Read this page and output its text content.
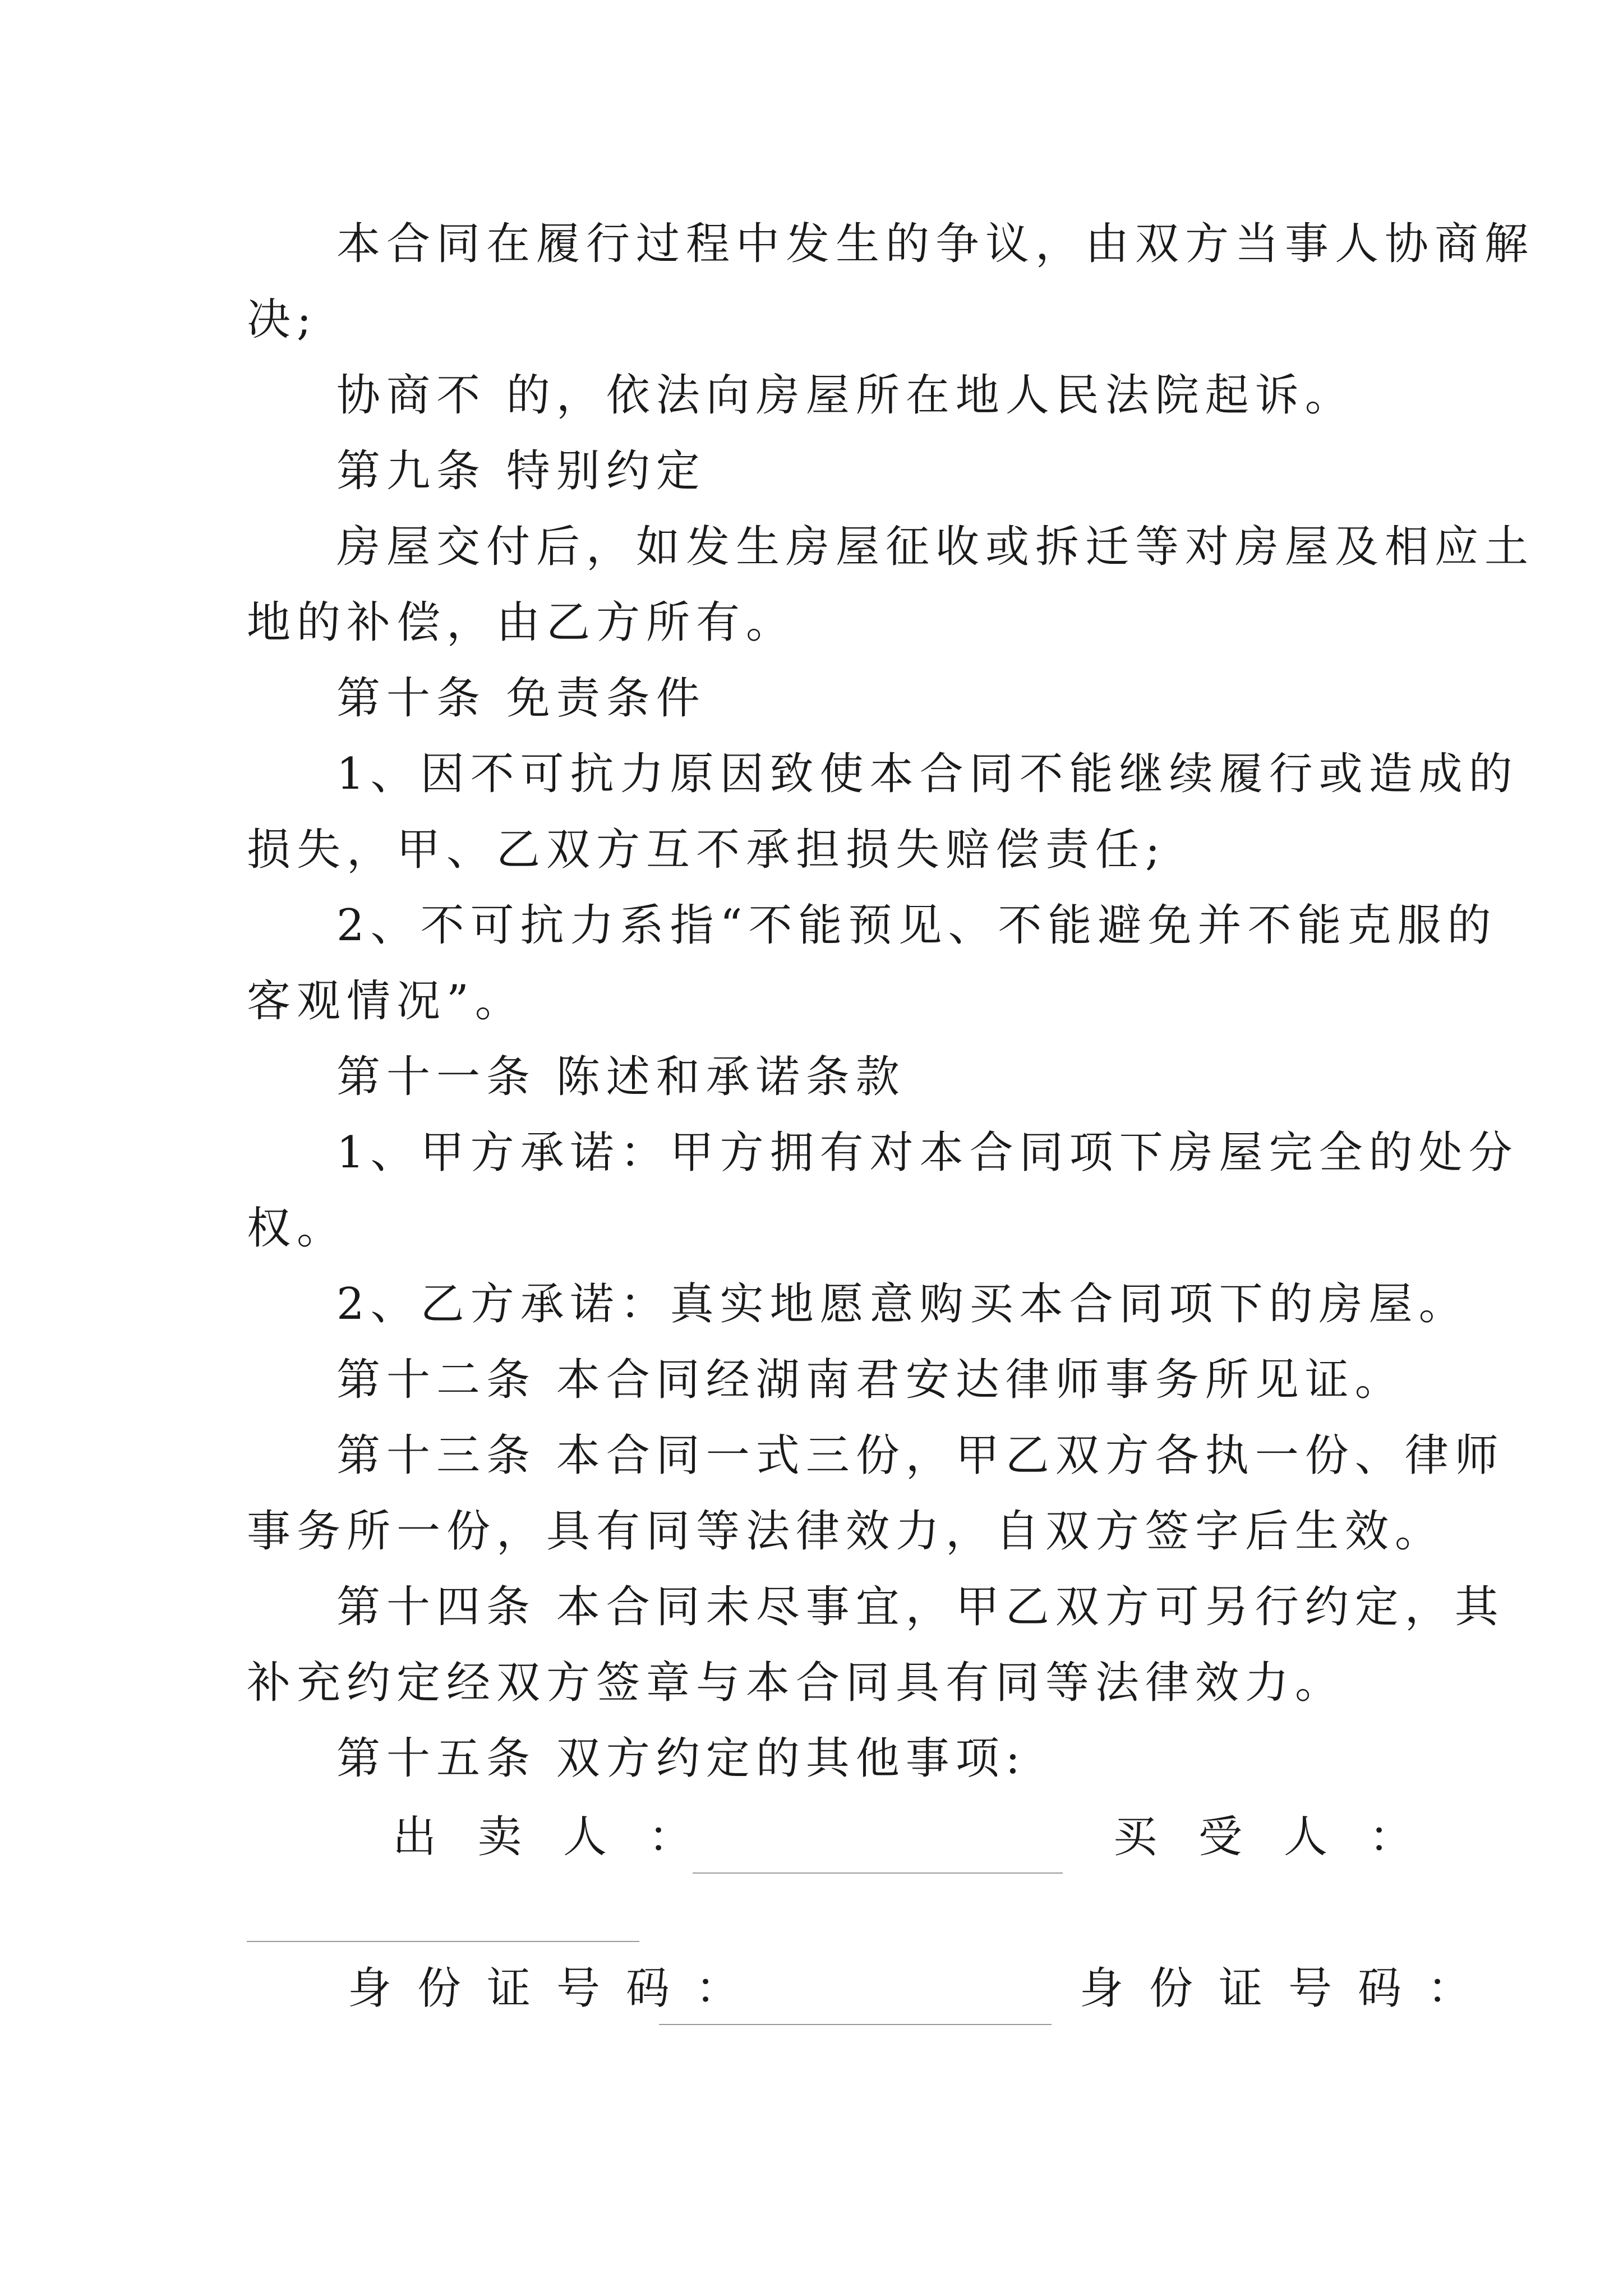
本合同在履行过程中发生的争议，由双方当事人协商解
决;
协商不 的，依法向房屋所在地人民法院起诉。
第九条 特别约定
房屋交付后，如发生房屋征收或拆迁等对房屋及相应土
地的补偿，由乙方所有。
第十条 免责条件
1、因不可抗力原因致使本合同不能继续履行或造成的
损失，甲、乙双方互不承担损失赔偿责任;
2、不可抗力系指“不能预见、不能避免并不能克服的
客观情况”。
第十一条 陈述和承诺条款
1、甲方承诺：甲方拥有对本合同项下房屋完全的处分
权。
2、乙方承诺：真实地愿意购买本合同项下的房屋。
第十二条 本合同经湖南君安达律师事务所见证。
第十三条 本合同一式三份，甲乙双方各执一份、律师
事务所一份，具有同等法律效力，自双方签字后生效。
第十四条 本合同未尽事宜，甲乙双方可另行约定，其
补充约定经双方签章与本合同具有同等法律效力。
第十五条 双方约定的其他事项:
出卖人：	买受人：
身份证号码：	身份证号码：
